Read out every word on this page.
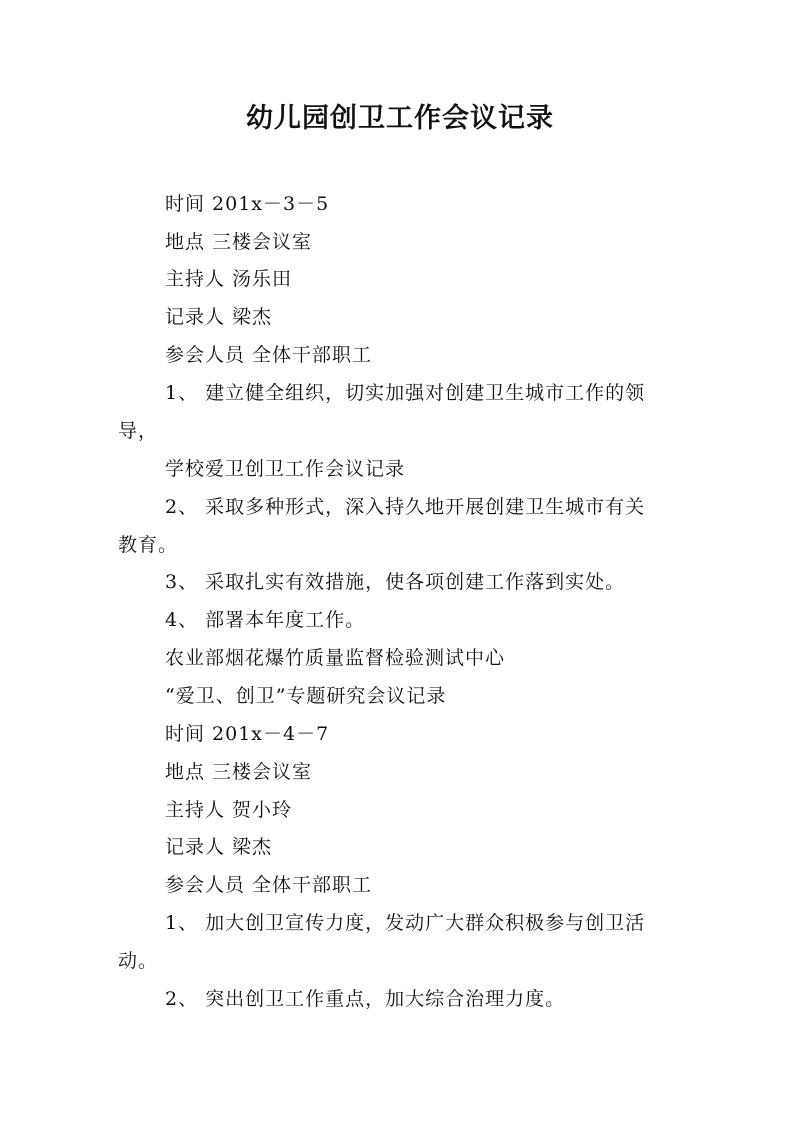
幼儿园创卫工作会议记录
时间 201x－3－5
地点 三楼会议室
主持人 汤乐田
记录人 梁杰
参会人员 全体干部职工
1、 建立健全组织，切实加强对创建卫生城市工作的领
导，
学校爱卫创卫工作会议记录
2、 采取多种形式，深入持久地开展创建卫生城市有关
教育。
3、 采取扎实有效措施，使各项创建工作落到实处。
4、 部署本年度工作。
农业部烟花爆竹质量监督检验测试中心
“爱卫、创卫”专题研究会议记录
时间 201x－4－7
地点 三楼会议室
主持人 贺小玲
记录人 梁杰
参会人员 全体干部职工
1、 加大创卫宣传力度，发动广大群众积极参与创卫活
动。
2、 突出创卫工作重点，加大综合治理力度。
